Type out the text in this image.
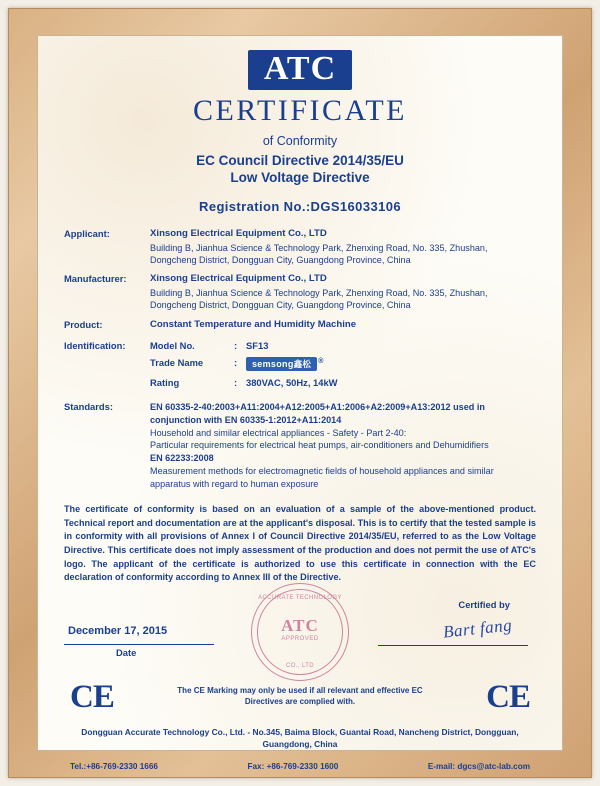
ATC
CERTIFICATE
of Conformity
EC Council Directive 2014/35/EU
Low Voltage Directive
Registration No.:DGS16033106
Applicant:	Xinsong Electrical Equipment Co., LTD
Building B, Jianhua Science & Technology Park, Zhenxing Road, No. 335, Zhushan, Dongcheng District, Dongguan City, Guangdong Province, China
Manufacturer:	Xinsong Electrical Equipment Co., LTD
Building B, Jianhua Science & Technology Park, Zhenxing Road, No. 335, Zhushan, Dongcheng District, Dongguan City, Guangdong Province, China
Product:	Constant Temperature and Humidity Machine
Identification:	Model No.	:	SF13
Trade Name	:	semsong鑫松 ®
Rating	:	380VAC, 50Hz, 14kW
Standards:	EN 60335-2-40:2003+A11:2004+A12:2005+A1:2006+A2:2009+A13:2012 used in conjunction with EN 60335-1:2012+A11:2014
Household and similar electrical appliances - Safety - Part 2-40:
Particular requirements for electrical heat pumps, air-conditioners and Dehumidifiers
EN 62233:2008
Measurement methods for electromagnetic fields of household appliances and similar apparatus with regard to human exposure
The certificate of conformity is based on an evaluation of a sample of the above-mentioned product. Technical report and documentation are at the applicant's disposal. This is to certify that the tested sample is in conformity with all provisions of Annex I of Council Directive 2014/35/EU, referred to as the Low Voltage Directive. This certificate does not imply assessment of the production and does not permit the use of ATC's logo. The applicant of the certificate is authorized to use this certificate in connection with the EC declaration of conformity according to Annex III of the Directive.
Certified by
Bart fang
December 17, 2015
Date
ACCURATE TECHNOLOGY
ATC
APPROVED
CO., LTD
CE	The CE Marking may only be used if all relevant and effective EC Directives are complied with.	CE
Dongguan Accurate Technology Co., Ltd. - No.345, Baima Block, Guantai Road, Nancheng District, Dongguan, Guangdong, China
Tel.:+86-769-2330 1666	Fax: +86-769-2330 1600	E-mail: dgcs@atc-lab.com
